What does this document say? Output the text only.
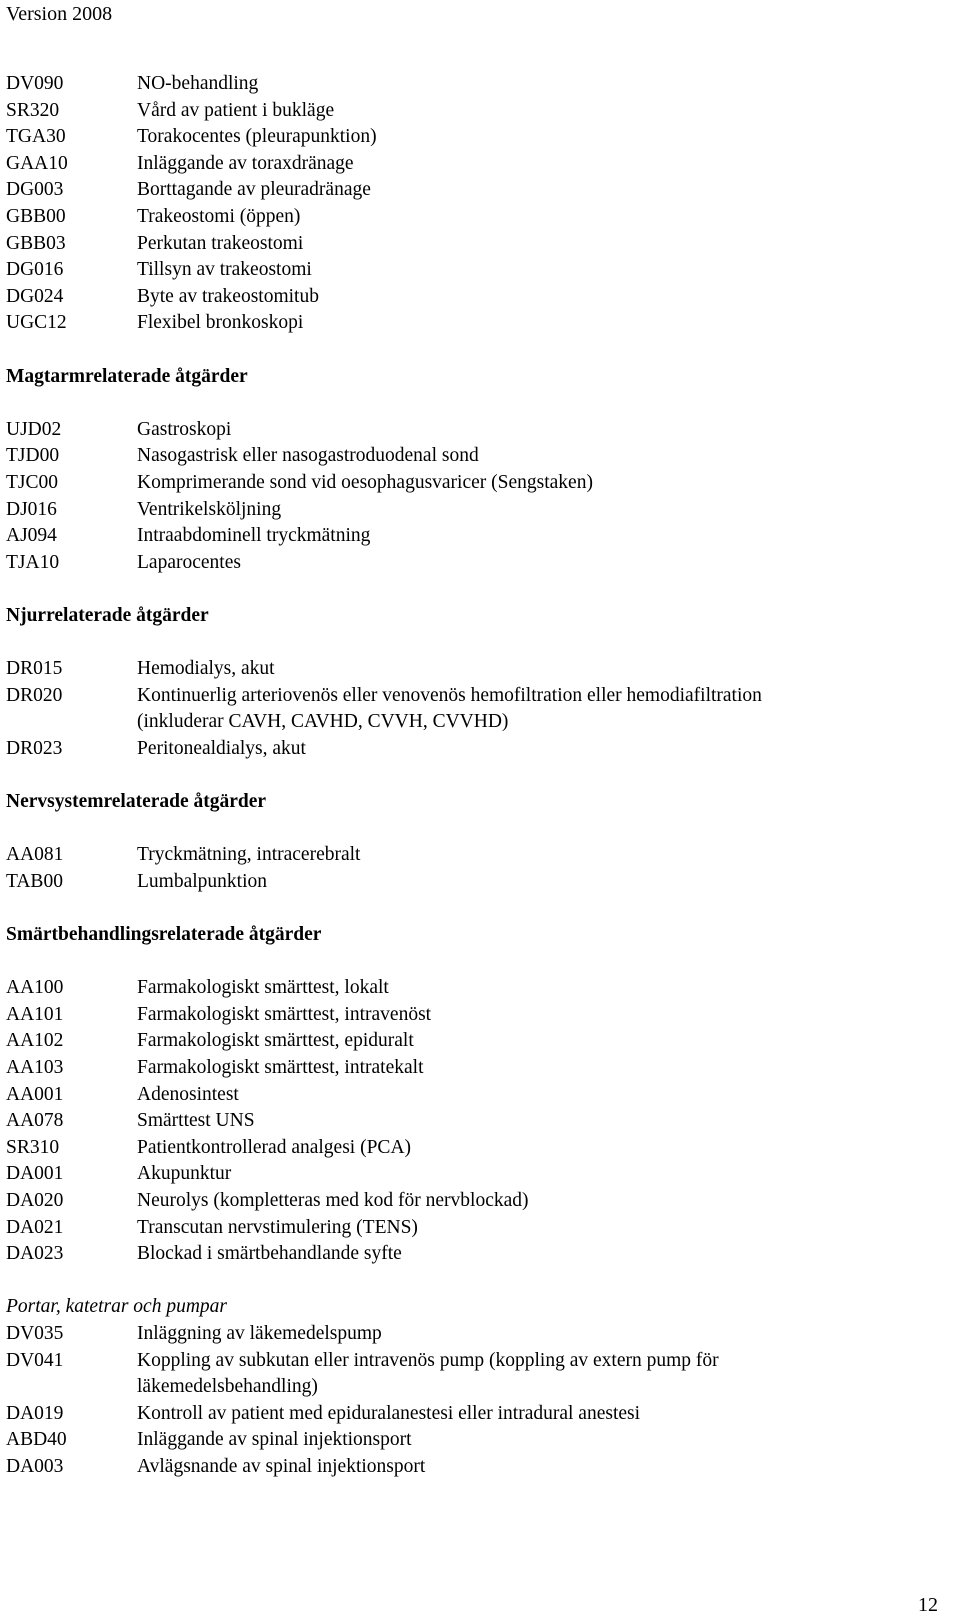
Version 2008
DV090	NO-behandling
SR320	Vård av patient i bukläge
TGA30	Torakocentes (pleurapunktion)
GAA10	Inläggande av toraxdränage
DG003	Borttagande av pleuradränage
GBB00	Trakeostomi (öppen)
GBB03	Perkutan trakeostomi
DG016	Tillsyn av trakeostomi
DG024	Byte av trakeostomitub
UGC12	Flexibel bronkoskopi
Magtarmrelaterade åtgärder
UJD02	Gastroskopi
TJD00	Nasogastrisk eller nasogastroduodenal sond
TJC00	Komprimerande sond vid oesophagusvaricer (Sengstaken)
DJ016	Ventrikelsköljning
AJ094	Intraabdominell tryckmätning
TJA10	Laparocentes
Njurrelaterade åtgärder
DR015	Hemodialys, akut
DR020	Kontinuerlig arteriovenös eller venovenös hemofiltration eller hemodiafiltration
(inkluderar CAVH, CAVHD, CVVH, CVVHD)
DR023	Peritonealdialys, akut
Nervsystemrelaterade åtgärder
AA081	Tryckmätning, intracerebralt
TAB00	Lumbalpunktion
Smärtbehandlingsrelaterade åtgärder
AA100	Farmakologiskt smärttest, lokalt
AA101	Farmakologiskt smärttest, intravenöst
AA102	Farmakologiskt smärttest, epiduralt
AA103	Farmakologiskt smärttest, intratekalt
AA001	Adenosintest
AA078	Smärttest UNS
SR310	Patientkontrollerad analgesi (PCA)
DA001	Akupunktur
DA020	Neurolys (kompletteras med kod för nervblockad)
DA021	Transcutan nervstimulering (TENS)
DA023	Blockad i smärtbehandlande syfte
Portar, katetrar och pumpar
DV035	Inläggning av läkemedelspump
DV041	Koppling av subkutan eller intravenös pump (koppling av extern pump för
läkemedelsbehandling)
DA019	Kontroll av patient med epiduralanestesi eller intradural anestesi
ABD40	Inläggande av spinal injektionsport
DA003	Avlägsnande av spinal injektionsport
12
